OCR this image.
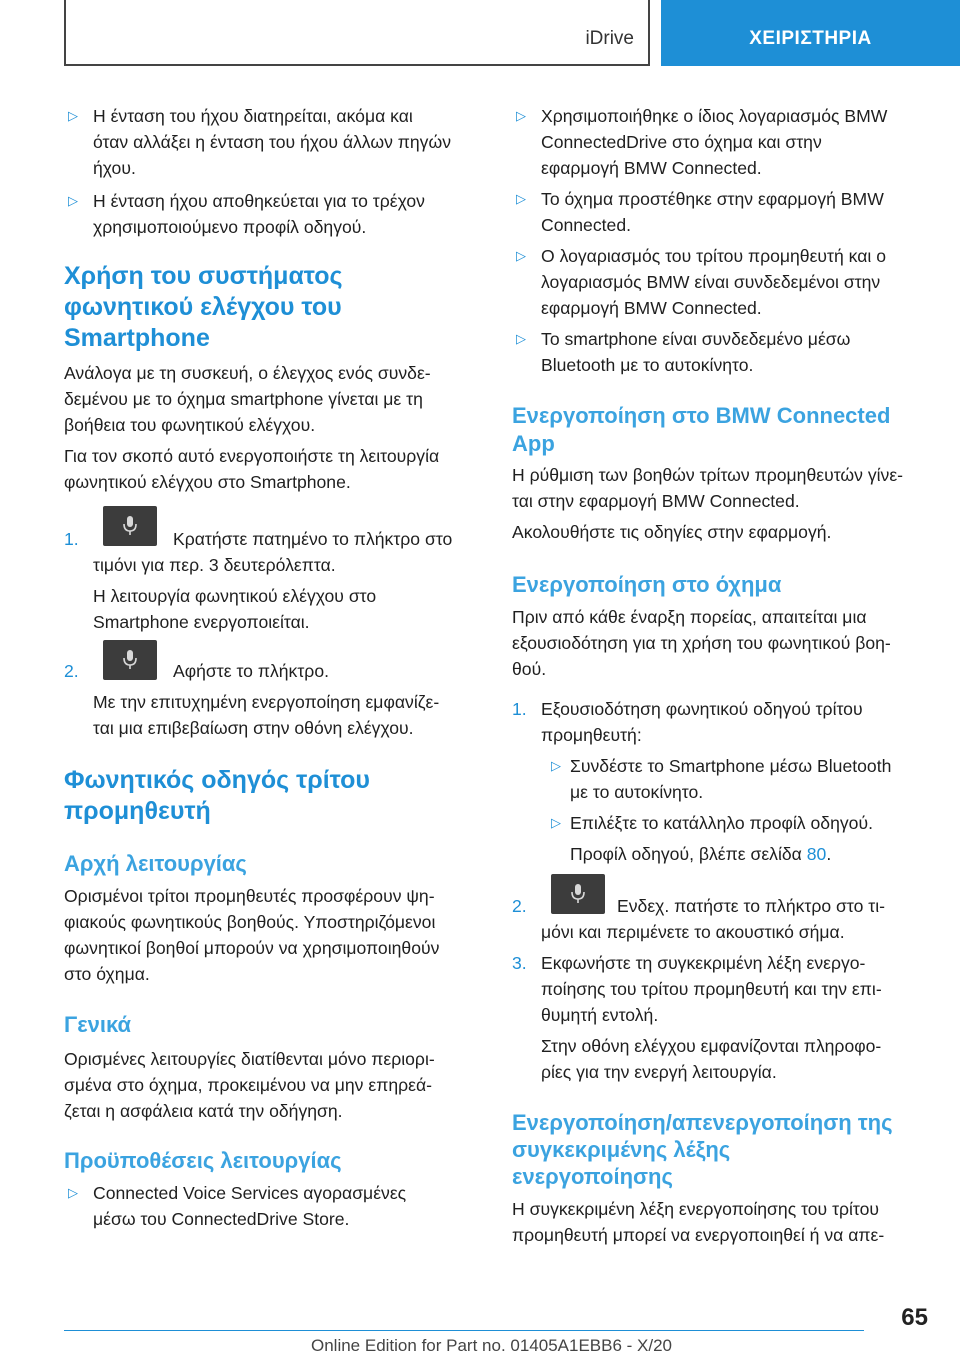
iDrive	ΧΕΙΡΙΣΤΗΡΙΑ
▷ Η ένταση του ήχου διατηρείται, ακόμα και
όταν αλλάξει η ένταση του ήχου άλλων πηγών
ήχου.
▷ Η ένταση ήχου αποθηκεύεται για το τρέχον
χρησιμοποιούμενο προφίλ οδηγού.
Χρήση του συστήματος
φωνητικού ελέγχου του
Smartphone
Ανάλογα με τη συσκευή, ο έλεγχος ενός συνδε-
δεμένου με το όχημα smartphone γίνεται με τη
βοήθεια του φωνητικού ελέγχου.
Για τον σκοπό αυτό ενεργοποιήστε τη λειτουργία
φωνητικού ελέγχου στο Smartphone.
1.	Κρατήστε πατημένο το πλήκτρο στο
τιμόνι για περ. 3 δευτερόλεπτα.
Η λειτουργία φωνητικού ελέγχου στο
Smartphone ενεργοποιείται.
2.	Αφήστε το πλήκτρο.
Με την επιτυχημένη ενεργοποίηση εμφανίζε-
ται μια επιβεβαίωση στην οθόνη ελέγχου.
Φωνητικός οδηγός τρίτου
προμηθευτή
Αρχή λειτουργίας
Ορισμένοι τρίτοι προμηθευτές προσφέρουν ψη-
φιακούς φωνητικούς βοηθούς. Υποστηριζόμενοι
φωνητικοί βοηθοί μπορούν να χρησιμοποιηθούν
στο όχημα.
Γενικά
Ορισμένες λειτουργίες διατίθενται μόνο περιορι-
σμένα στο όχημα, προκειμένου να μην επηρεά-
ζεται η ασφάλεια κατά την οδήγηση.
Προϋποθέσεις λειτουργίας
▷ Connected Voice Services αγορασμένες
μέσω του ConnectedDrive Store.
▷ Χρησιμοποιήθηκε ο ίδιος λογαριασμός BMW
ConnectedDrive στο όχημα και στην
εφαρμογή BMW Connected.
▷ Το όχημα προστέθηκε στην εφαρμογή BMW
Connected.
▷ Ο λογαριασμός του τρίτου προμηθευτή και ο
λογαριασμός BMW είναι συνδεδεμένοι στην
εφαρμογή BMW Connected.
▷ Το smartphone είναι συνδεδεμένο μέσω
Bluetooth με το αυτοκίνητο.
Ενεργοποίηση στο BMW Connected
App
Η ρύθμιση των βοηθών τρίτων προμηθευτών γίνε-
ται στην εφαρμογή BMW Connected.
Ακολουθήστε τις οδηγίες στην εφαρμογή.
Ενεργοποίηση στο όχημα
Πριν από κάθε έναρξη πορείας, απαιτείται μια
εξουσιοδότηση για τη χρήση του φωνητικού βοη-
θού.
1. Εξουσιοδότηση φωνητικού οδηγού τρίτου
προμηθευτή:
▷ Συνδέστε το Smartphone μέσω Bluetooth
με το αυτοκίνητο.
▷ Επιλέξτε το κατάλληλο προφίλ οδηγού.
Προφίλ οδηγού, βλέπε σελίδα 80.
2.	Ενδεχ. πατήστε το πλήκτρο στο τι-
μόνι και περιμένετε το ακουστικό σήμα.
3. Εκφωνήστε τη συγκεκριμένη λέξη ενεργο-
ποίησης του τρίτου προμηθευτή και την επι-
θυμητή εντολή.
Στην οθόνη ελέγχου εμφανίζονται πληροφο-
ρίες για την ενεργή λειτουργία.
Ενεργοποίηση/απενεργοποίηση της
συγκεκριμένης λέξης
ενεργοποίησης
Η συγκεκριμένη λέξη ενεργοποίησης του τρίτου
προμηθευτή μπορεί να ενεργοποιηθεί ή να απε-
65
Online Edition for Part no. 01405A1EBB6 - X/20
